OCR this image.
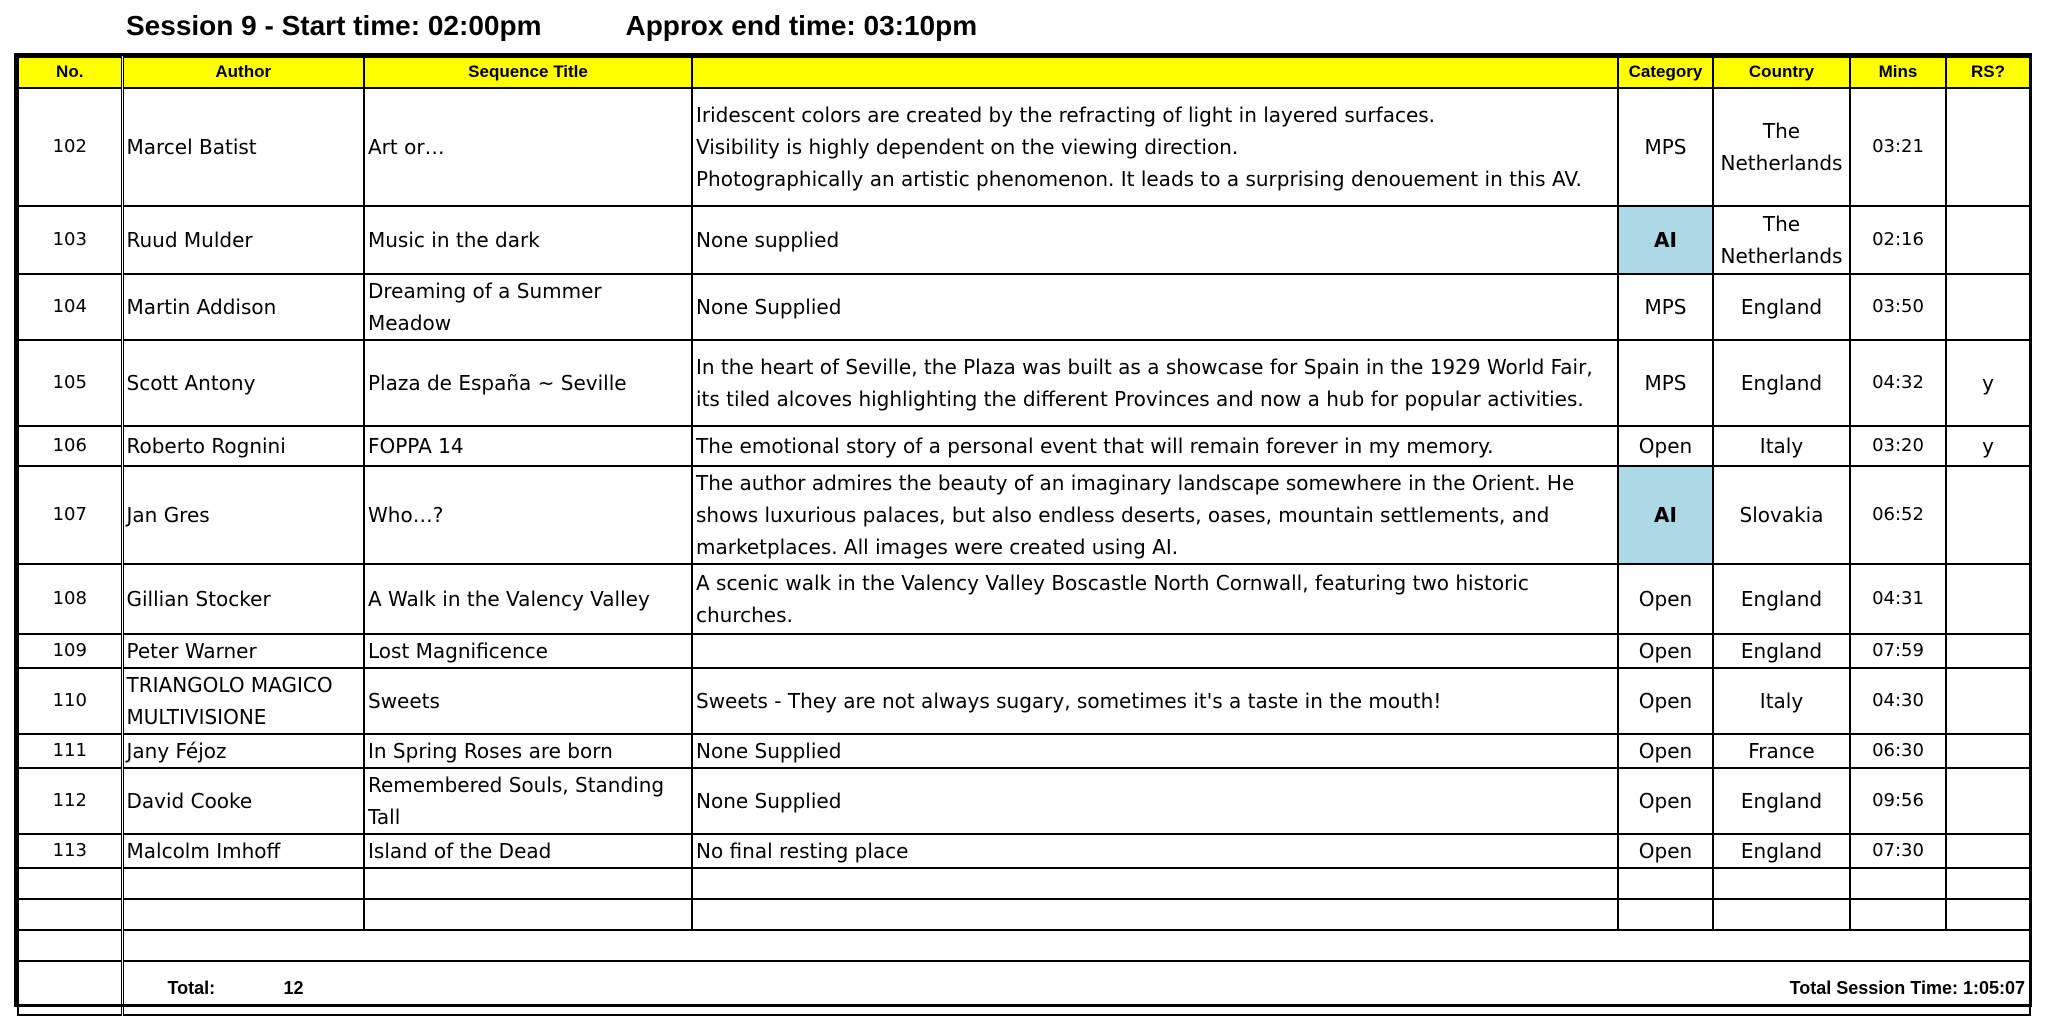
Session 9 - Start time: 02:00pm	Approx end time: 03:10pm
No.	Author	Sequence Title		Category	Country	Mins	RS?
102	Marcel Batist	Art or…	Iridescent colors are created by the refracting of light in layered surfaces.
Visibility is highly dependent on the viewing direction.
Photographically an artistic phenomenon. It leads to a surprising denouement in this AV.	MPS	The Netherlands	03:21	
103	Ruud Mulder	Music in the dark	None supplied	AI	The Netherlands	02:16	
104	Martin Addison	Dreaming of a Summer Meadow	None Supplied	MPS	England	03:50	
105	Scott Antony	Plaza de España ~ Seville	In the heart of Seville, the Plaza was built as a showcase for Spain in the 1929 World Fair, its tiled alcoves highlighting the different Provinces and now a hub for popular activities.	MPS	England	04:32	y
106	Roberto Rognini	FOPPA 14	The emotional story of a personal event that will remain forever in my memory.	Open	Italy	03:20	y
107	Jan Gres	Who…?	The author admires the beauty of an imaginary landscape somewhere in the Orient. He shows luxurious palaces, but also endless deserts, oases, mountain settlements, and marketplaces. All images were created using AI.	AI	Slovakia	06:52	
108	Gillian Stocker	A Walk in the Valency Valley	A scenic walk in the Valency Valley Boscastle North Cornwall, featuring two historic churches.	Open	England	04:31	
109	Peter Warner	Lost Magnificence		Open	England	07:59	
110	TRIANGOLO MAGICO MULTIVISIONE	Sweets	Sweets - They are not always sugary, sometimes it's a taste in the mouth!	Open	Italy	04:30	
111	Jany Féjoz	In Spring Roses are born	None Supplied	Open	France	06:30	
112	David Cooke	Remembered Souls, Standing Tall	None Supplied	Open	England	09:56	
113	Malcolm Imhoff	Island of the Dead	No final resting place	Open	England	07:30	

	Total: 12 Total Session Time: 1:05:07						
